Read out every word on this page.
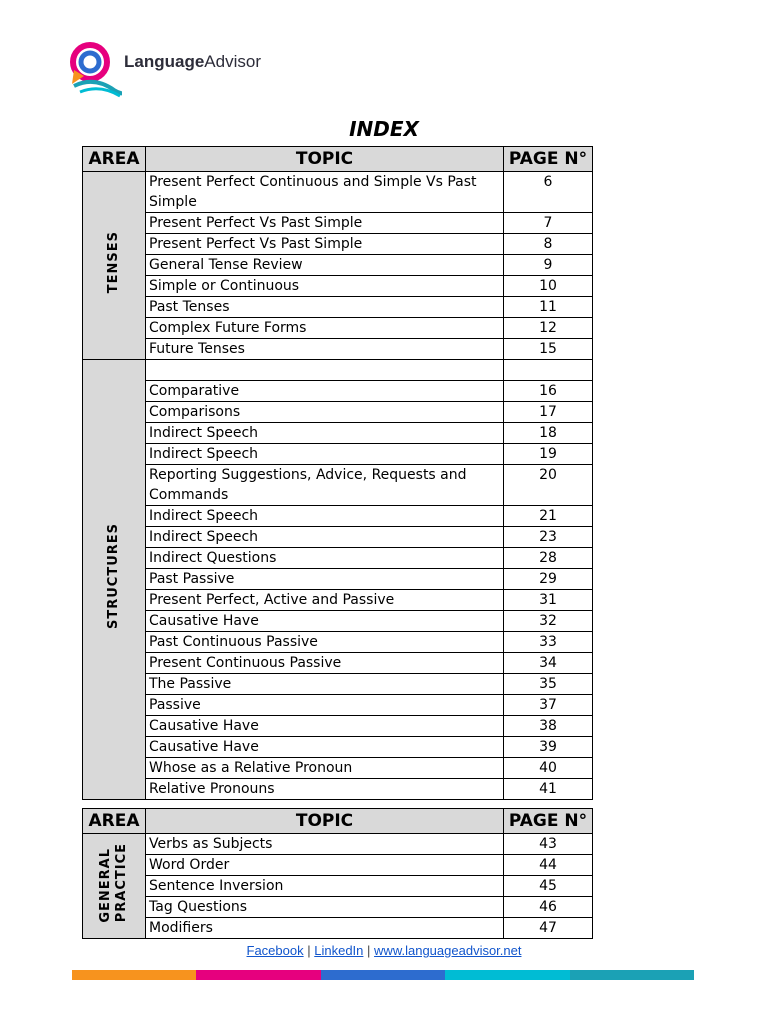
LanguageAdvisor
INDEX
AREA	TOPIC	PAGE N°
TENSES	Present Perfect Continuous and Simple Vs Past Simple	6
	Present Perfect Vs Past Simple	7
	Present Perfect Vs Past Simple	8
	General Tense Review	9
	Simple or Continuous	10
	Past Tenses	11
	Complex Future Forms	12
	Future Tenses	15
STRUCTURES		
	Comparative	16
	Comparisons	17
	Indirect Speech	18
	Indirect Speech	19
	Reporting Suggestions, Advice, Requests and Commands	20
	Indirect Speech	21
	Indirect Speech	23
	Indirect Questions	28
	Past Passive	29
	Present Perfect, Active and Passive	31
	Causative Have	32
	Past Continuous Passive	33
	Present Continuous Passive	34
	The Passive	35
	Passive	37
	Causative Have	38
	Causative Have	39
	Whose as a Relative Pronoun	40
	Relative Pronouns	41
AREA	TOPIC	PAGE N°
GENERALPRACTICE	Verbs as Subjects	43
	Word Order	44
	Sentence Inversion	45
	Tag Questions	46
	Modifiers	47
Facebook | LinkedIn | www.languageadvisor.net
